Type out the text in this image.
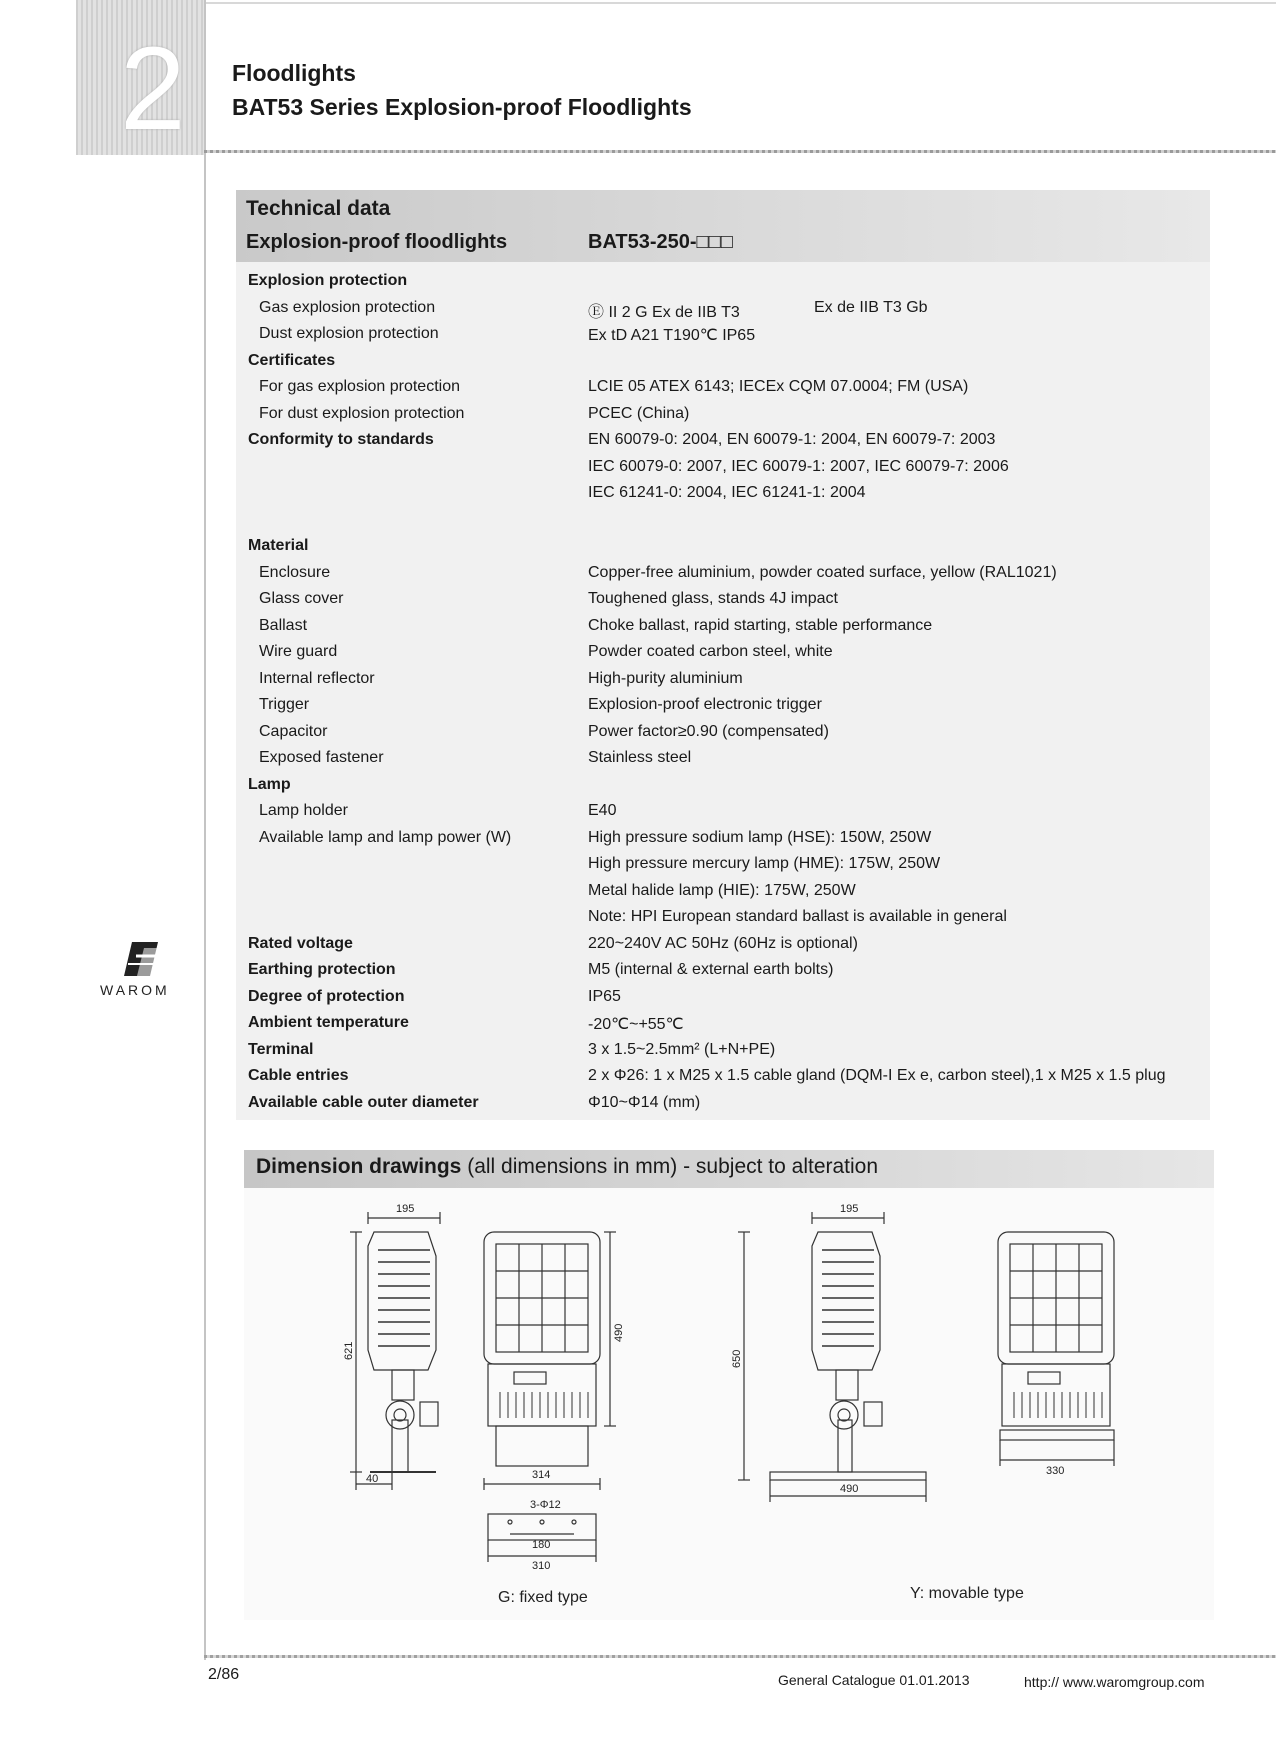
2 Floodlights
BAT53 Series Explosion-proof Floodlights
Technical data
Explosion-proof floodlights	BAT53-250-□□□
Explosion protection
Gas explosion protection	Ⓔ II 2 G Ex de IIB T3	Ex de IIB T3 Gb
Dust explosion protection	Ex tD A21 T190℃ IP65
Certificates
For gas explosion protection	LCIE 05 ATEX 6143; IECEx CQM 07.0004; FM (USA)
For dust explosion protection	PCEC (China)
Conformity to standards	EN 60079-0: 2004, EN 60079-1: 2004, EN 60079-7: 2003
IEC 60079-0: 2007, IEC 60079-1: 2007, IEC 60079-7: 2006
IEC 61241-0: 2004, IEC 61241-1: 2004
Material
Enclosure	Copper-free aluminium, powder coated surface, yellow (RAL1021)
Glass cover	Toughened glass, stands 4J impact
Ballast	Choke ballast, rapid starting, stable performance
Wire guard	Powder coated carbon steel, white
Internal reflector	High-purity aluminium
Trigger	Explosion-proof electronic trigger
Capacitor	Power factor≥0.90 (compensated)
Exposed fastener	Stainless steel
Lamp
Lamp holder	E40
Available lamp and lamp power (W)	High pressure sodium lamp (HSE): 150W, 250W
High pressure mercury lamp (HME): 175W, 250W
Metal halide lamp (HIE): 175W, 250W
Note: HPI European standard ballast is available in general
Rated voltage	220~240V AC 50Hz (60Hz is optional)
Earthing protection	M5 (internal & external earth bolts)
Degree of protection	IP65
Ambient temperature	-20℃~+55℃
Terminal	3 x 1.5~2.5mm² (L+N+PE)
Cable entries	2 x Φ26: 1 x M25 x 1.5 cable gland (DQM-I Ex e, carbon steel),1 x M25 x 1.5 plug
Available cable outer diameter	Φ10~Φ14 (mm)
WAROM
Dimension drawings (all dimensions in mm) - subject to alteration
195
621
40
490
314
3-Φ12
180
310
195
650
490
330
G: fixed type	Y: movable type
2/86	General Catalogue 01.01.2013	http:// www.waromgroup.com
